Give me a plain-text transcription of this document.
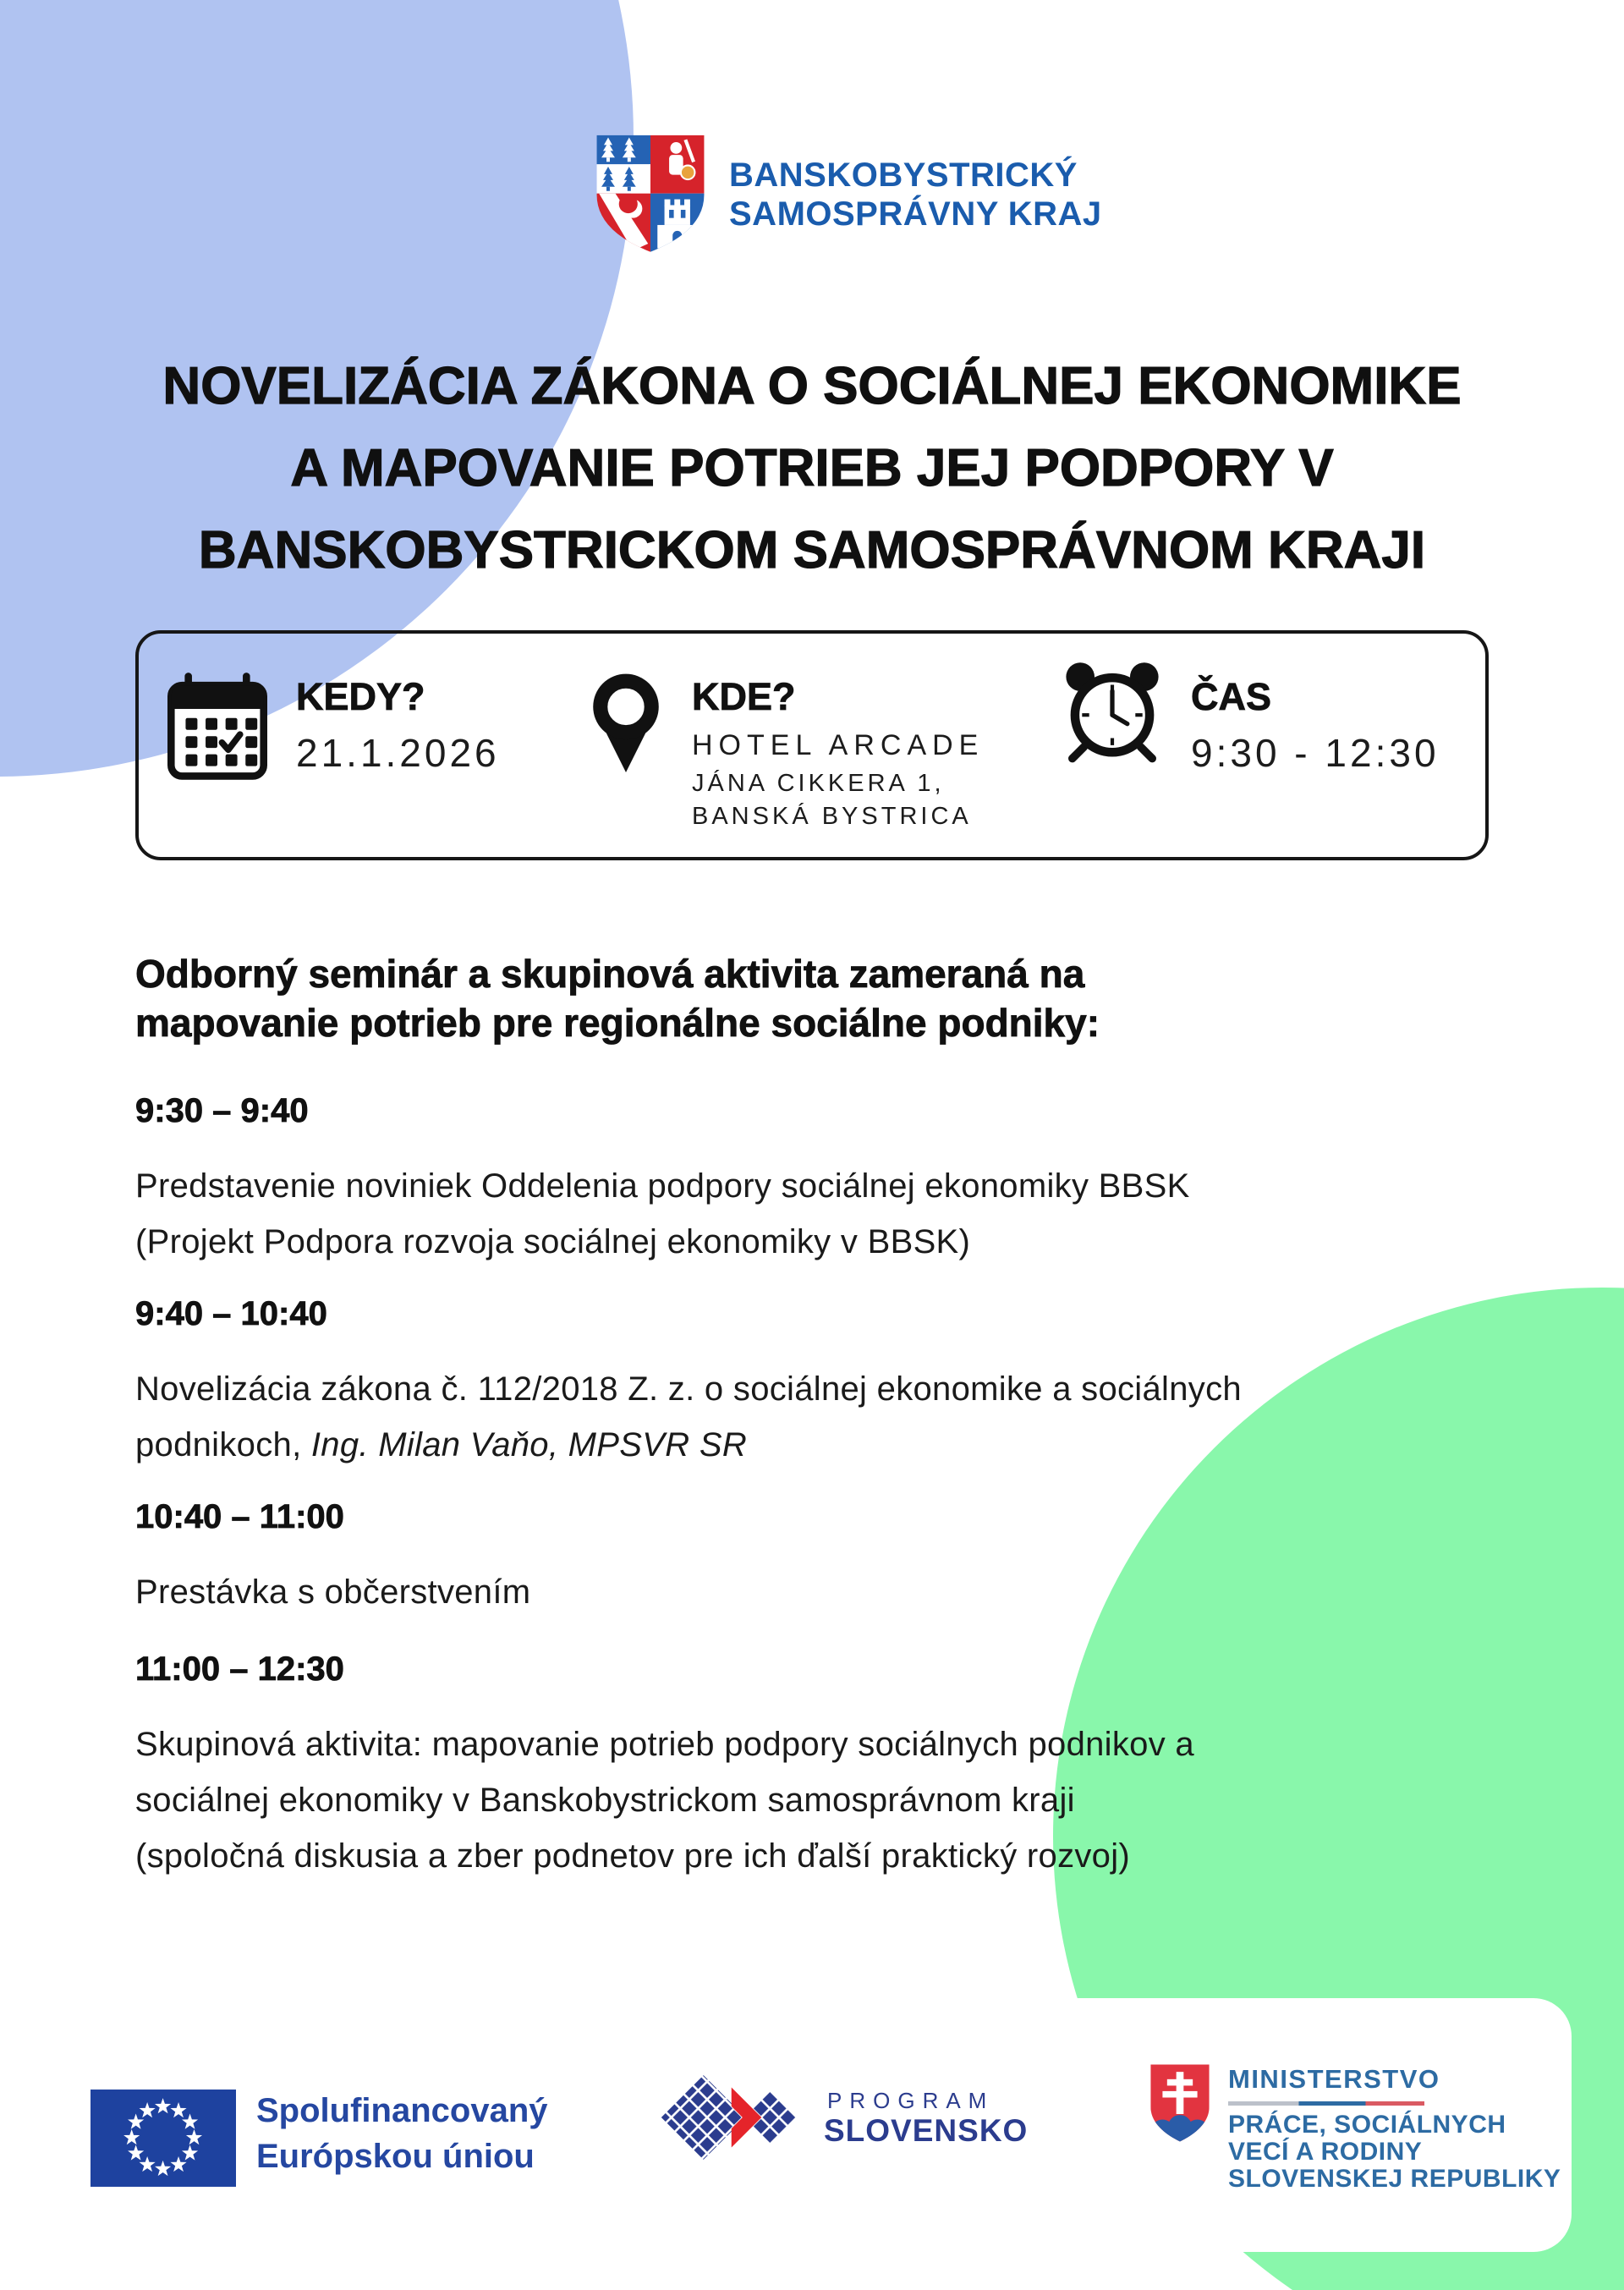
BANSKOBYSTRICKÝ
SAMOSPRÁVNY KRAJ
NOVELIZÁCIA ZÁKONA O SOCIÁLNEJ EKONOMIKE
A MAPOVANIE POTRIEB JEJ PODPORY V
BANSKOBYSTRICKOM SAMOSPRÁVNOM KRAJI
KEDY?
21.1.2026
KDE?
HOTEL ARCADE
JÁNA CIKKERA 1,
BANSKÁ BYSTRICA
ČAS
9:30 - 12:30
Odborný seminár a skupinová aktivita zameraná na
mapovanie potrieb pre regionálne sociálne podniky:
9:30 – 9:40
Predstavenie noviniek Oddelenia podpory sociálnej ekonomiky BBSK
(Projekt Podpora rozvoja sociálnej ekonomiky v BBSK)
9:40 – 10:40
Novelizácia zákona č. 112/2018 Z. z. o sociálnej ekonomike a sociálnych
podnikoch, Ing. Milan Vaňo, MPSVR SR
10:40 – 11:00
Prestávka s občerstvením
11:00 – 12:30
Skupinová aktivita: mapovanie potrieb podpory sociálnych podnikov a
sociálnej ekonomiky v Banskobystrickom samosprávnom kraji
(spoločná diskusia a zber podnetov pre ich ďalší praktický rozvoj)
Spolufinancovaný
Európskou úniou
PROGRAM
SLOVENSKO
MINISTERSTVO
PRÁCE, SOCIÁLNYCH
VECÍ A RODINY
SLOVENSKEJ REPUBLIKY
